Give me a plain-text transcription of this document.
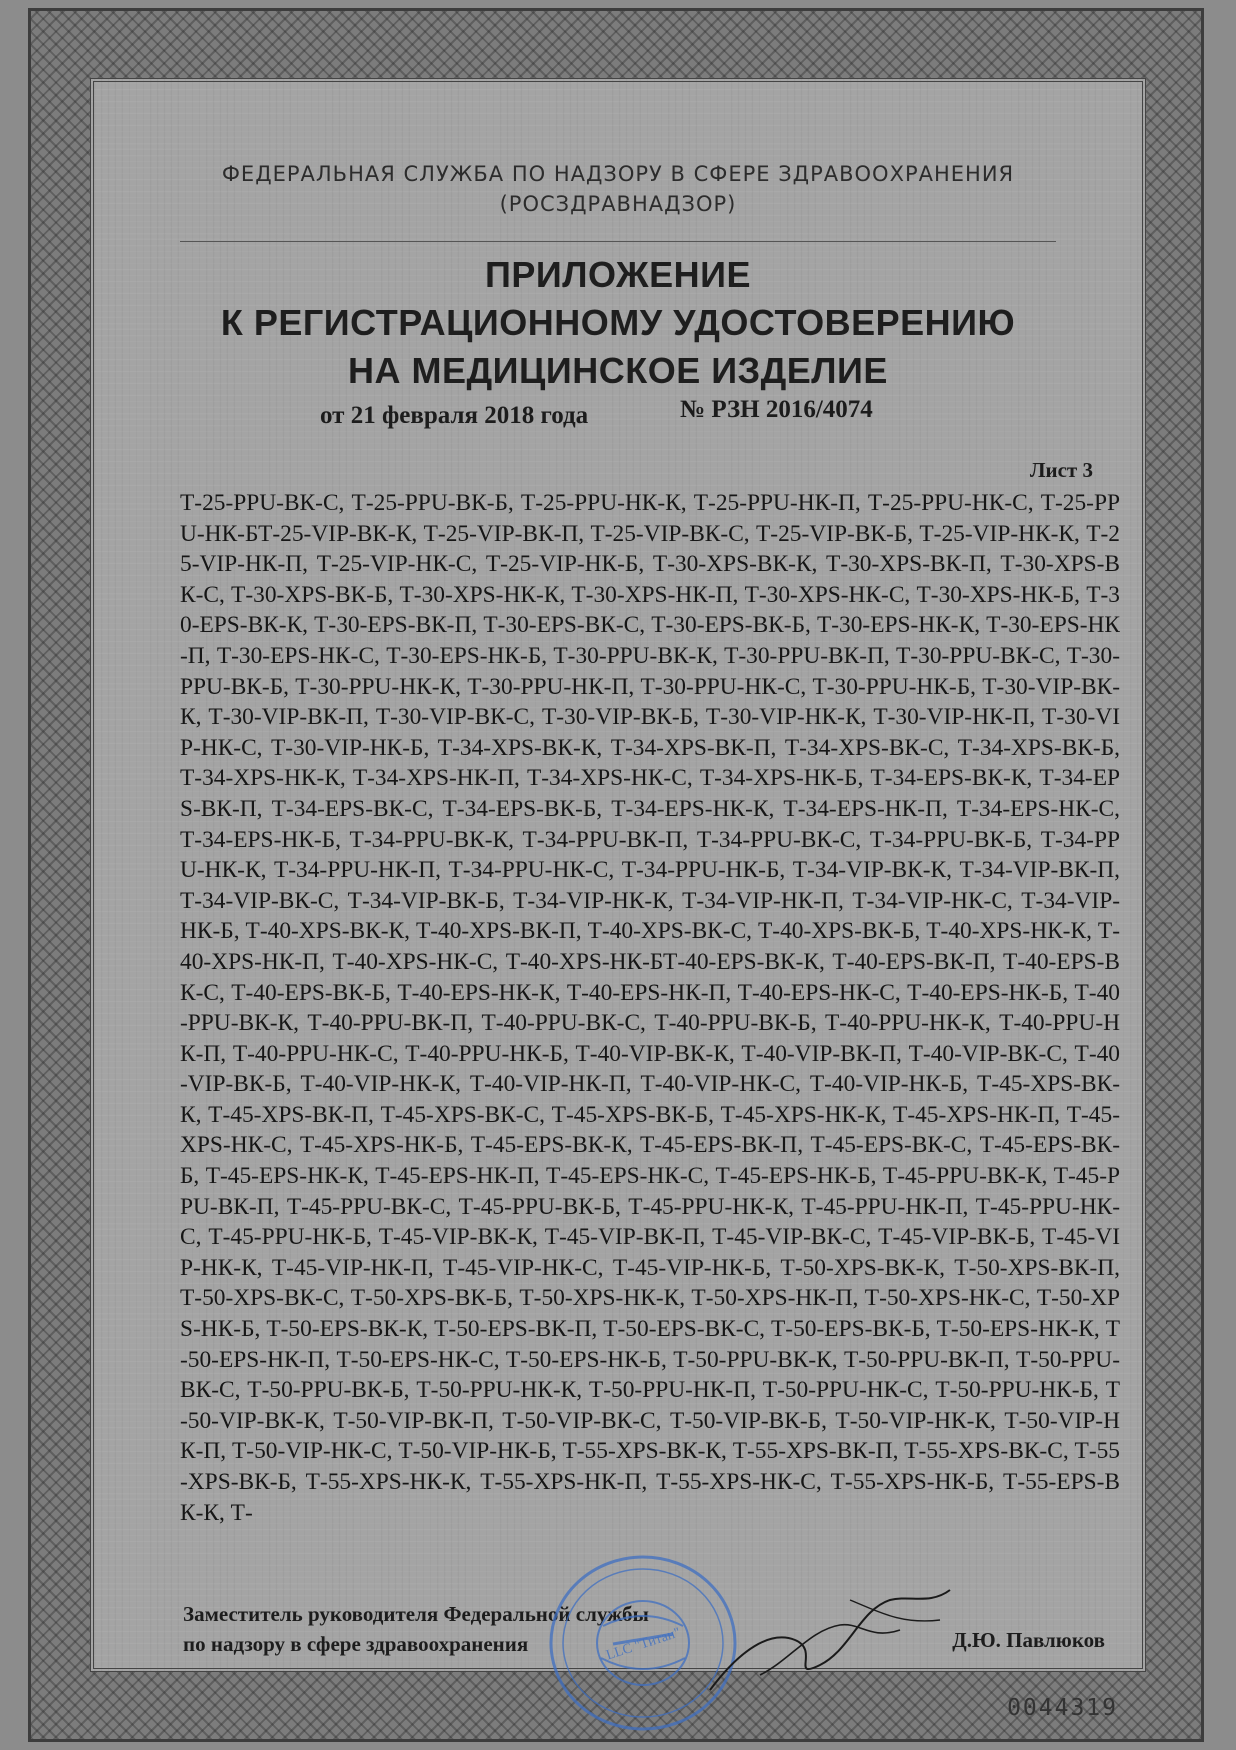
ФЕДЕРАЛЬНАЯ СЛУЖБА ПО НАДЗОРУ В СФЕРЕ ЗДРАВООХРАНЕНИЯ
(РОСЗДРАВНАДЗОР)
ПРИЛОЖЕНИЕ
К РЕГИСТРАЦИОННОМУ УДОСТОВЕРЕНИЮ
НА МЕДИЦИНСКОЕ ИЗДЕЛИЕ
от 21 февраля 2018 года	№ РЗН 2016/4074
Лист 3
Т-25-PPU-ВК-С, Т-25-PPU-ВК-Б, Т-25-PPU-НК-К, Т-25-PPU-НК-П, Т-25-PPU-НК-С, Т-25-PPU-НК-БТ-25-VIP-ВК-К, Т-25-VIP-ВК-П, Т-25-VIP-ВК-С, Т-25-VIP-ВК-Б, Т-25-VIP-НК-К, Т-25-VIP-НК-П, Т-25-VIP-НК-С, Т-25-VIP-НК-Б, Т-30-XPS-ВК-К, Т-30-XPS-ВК-П, Т-30-XPS-ВК-С, Т-30-XPS-ВК-Б, Т-30-XPS-НК-К, Т-30-XPS-НК-П, Т-30-XPS-НК-С, Т-30-XPS-НК-Б, Т-30-EPS-ВК-К, Т-30-EPS-ВК-П, Т-30-EPS-ВК-С, Т-30-EPS-ВК-Б, Т-30-EPS-НК-К, Т-30-EPS-НК-П, Т-30-EPS-НК-С, Т-30-EPS-НК-Б, Т-30-PPU-ВК-К, Т-30-PPU-ВК-П, Т-30-PPU-ВК-С, Т-30-PPU-ВК-Б, Т-30-PPU-НК-К, Т-30-PPU-НК-П, Т-30-PPU-НК-С, Т-30-PPU-НК-Б, Т-30-VIP-ВК-К, Т-30-VIP-ВК-П, Т-30-VIP-ВК-С, Т-30-VIP-ВК-Б, Т-30-VIP-НК-К, Т-30-VIP-НК-П, Т-30-VIP-НК-С, Т-30-VIP-НК-Б, Т-34-XPS-ВК-К, Т-34-XPS-ВК-П, Т-34-XPS-ВК-С, Т-34-XPS-ВК-Б, Т-34-XPS-НК-К, Т-34-XPS-НК-П, Т-34-XPS-НК-С, Т-34-XPS-НК-Б, Т-34-EPS-ВК-К, Т-34-EPS-ВК-П, Т-34-EPS-ВК-С, Т-34-EPS-ВК-Б, Т-34-EPS-НК-К, Т-34-EPS-НК-П, Т-34-EPS-НК-С, Т-34-EPS-НК-Б, Т-34-PPU-ВК-К, Т-34-PPU-ВК-П, Т-34-PPU-ВК-С, Т-34-PPU-ВК-Б, Т-34-PPU-НК-К, Т-34-PPU-НК-П, Т-34-PPU-НК-С, Т-34-PPU-НК-Б, Т-34-VIP-ВК-К, Т-34-VIP-ВК-П, Т-34-VIP-ВК-С, Т-34-VIP-ВК-Б, Т-34-VIP-НК-К, Т-34-VIP-НК-П, Т-34-VIP-НК-С, Т-34-VIP-НК-Б, Т-40-XPS-ВК-К, Т-40-XPS-ВК-П, Т-40-XPS-ВК-С, Т-40-XPS-ВК-Б, Т-40-XPS-НК-К, Т-40-XPS-НК-П, Т-40-XPS-НК-С, Т-40-XPS-НК-БТ-40-EPS-ВК-К, Т-40-EPS-ВК-П, Т-40-EPS-ВК-С, Т-40-EPS-ВК-Б, Т-40-EPS-НК-К, Т-40-EPS-НК-П, Т-40-EPS-НК-С, Т-40-EPS-НК-Б, Т-40-PPU-ВК-К, Т-40-PPU-ВК-П, Т-40-PPU-ВК-С, Т-40-PPU-ВК-Б, Т-40-PPU-НК-К, Т-40-PPU-НК-П, Т-40-PPU-НК-С, Т-40-PPU-НК-Б, Т-40-VIP-ВК-К, Т-40-VIP-ВК-П, Т-40-VIP-ВК-С, Т-40-VIP-ВК-Б, Т-40-VIP-НК-К, Т-40-VIP-НК-П, Т-40-VIP-НК-С, Т-40-VIP-НК-Б, Т-45-XPS-ВК-К, Т-45-XPS-ВК-П, Т-45-XPS-ВК-С, Т-45-XPS-ВК-Б, Т-45-XPS-НК-К, Т-45-XPS-НК-П, Т-45-XPS-НК-С, Т-45-XPS-НК-Б, Т-45-EPS-ВК-К, Т-45-EPS-ВК-П, Т-45-EPS-ВК-С, Т-45-EPS-ВК-Б, Т-45-EPS-НК-К, Т-45-EPS-НК-П, Т-45-EPS-НК-С, Т-45-EPS-НК-Б, Т-45-PPU-ВК-К, Т-45-PPU-ВК-П, Т-45-PPU-ВК-С, Т-45-PPU-ВК-Б, Т-45-PPU-НК-К, Т-45-PPU-НК-П, Т-45-PPU-НК-С, Т-45-PPU-НК-Б, Т-45-VIP-ВК-К, Т-45-VIP-ВК-П, Т-45-VIP-ВК-С, Т-45-VIP-ВК-Б, Т-45-VIP-НК-К, Т-45-VIP-НК-П, Т-45-VIP-НК-С, Т-45-VIP-НК-Б, Т-50-XPS-ВК-К, Т-50-XPS-ВК-П, Т-50-XPS-ВК-С, Т-50-XPS-ВК-Б, Т-50-XPS-НК-К, Т-50-XPS-НК-П, Т-50-XPS-НК-С, Т-50-XPS-НК-Б, Т-50-EPS-ВК-К, Т-50-EPS-ВК-П, Т-50-EPS-ВК-С, Т-50-EPS-ВК-Б, Т-50-EPS-НК-К, Т-50-EPS-НК-П, Т-50-EPS-НК-С, Т-50-EPS-НК-Б, Т-50-PPU-ВК-К, Т-50-PPU-ВК-П, Т-50-PPU-ВК-С, Т-50-PPU-ВК-Б, Т-50-PPU-НК-К, Т-50-PPU-НК-П, Т-50-PPU-НК-С, Т-50-PPU-НК-Б, Т-50-VIP-ВК-К, Т-50-VIP-ВК-П, Т-50-VIP-ВК-С, Т-50-VIP-ВК-Б, Т-50-VIP-НК-К, Т-50-VIP-НК-П, Т-50-VIP-НК-С, Т-50-VIP-НК-Б, Т-55-XPS-ВК-К, Т-55-XPS-ВК-П, Т-55-XPS-ВК-С, Т-55-XPS-ВК-Б, Т-55-XPS-НК-К, Т-55-XPS-НК-П, Т-55-XPS-НК-С, Т-55-XPS-НК-Б, Т-55-EPS-ВК-К, Т-
Заместитель руководителя Федеральной службы
по надзору в сфере здравоохранения	Д.Ю. Павлюков
LLC "Титан"
0044319
